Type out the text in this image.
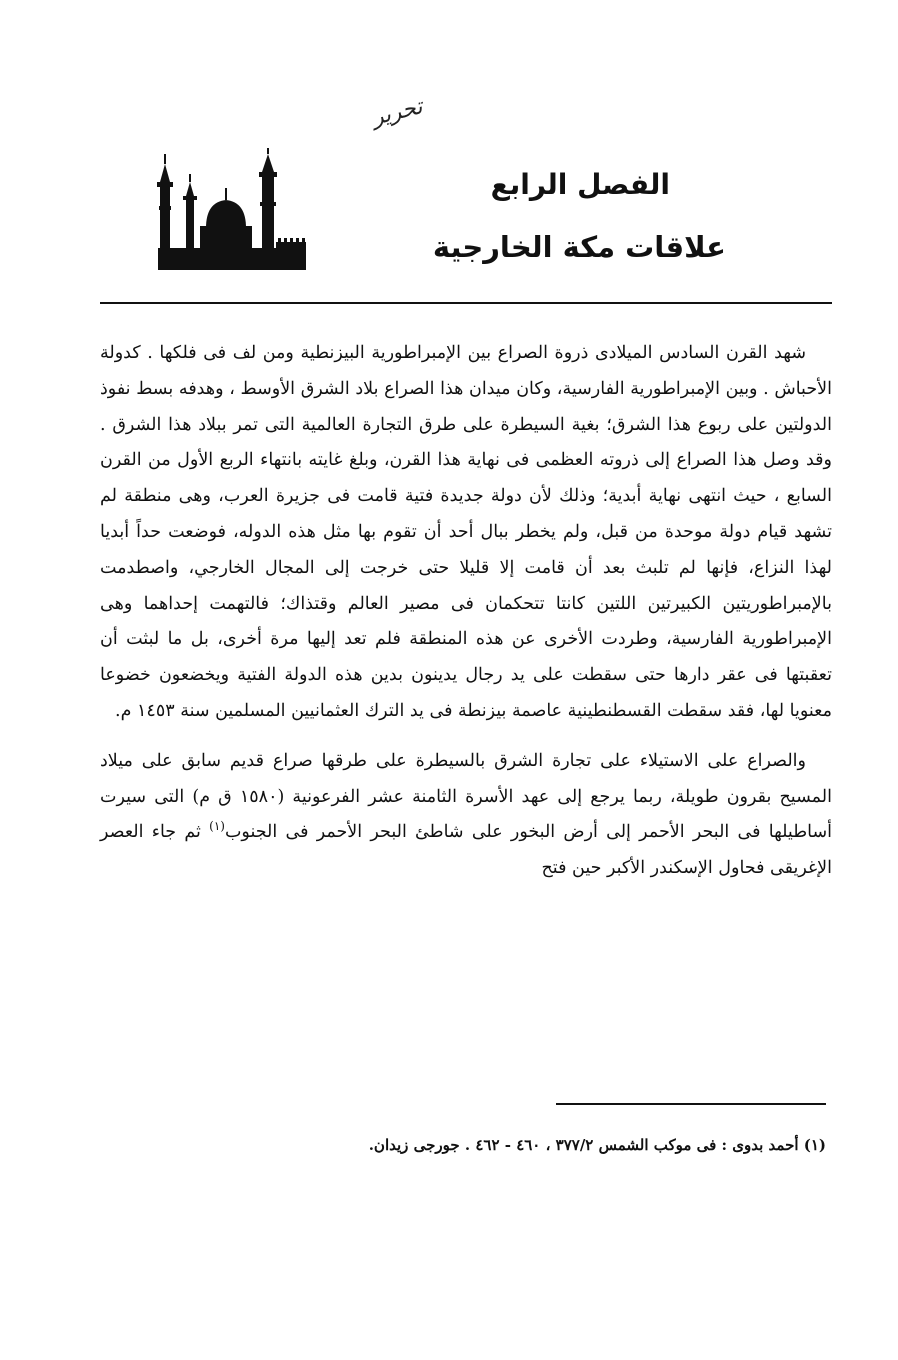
تحرير
الفصل الرابع
علاقات مكة الخارجية

شهد القرن السادس الميلادى ذروة الصراع بين الإمبراطورية البيزنطية ومن لف فى فلكها . كدولة الأحباش . وبين الإمبراطورية الفارسية، وكان ميدان هذا الصراع بلاد الشرق الأوسط ، وهدفه بسط نفوذ الدولتين على ربوع هذا الشرق؛ بغية السيطرة على طرق التجارة العالمية التى تمر ببلاد هذا الشرق . وقد وصل هذا الصراع إلى ذروته العظمى فى نهاية هذا القرن، وبلغ غايته بانتهاء الربع الأول من القرن السابع ، حيث انتهى نهاية أبدية؛ وذلك لأن دولة جديدة فتية قامت فى جزيرة العرب، وهى منطقة لم تشهد قيام دولة موحدة من قبل، ولم يخطر ببال أحد أن تقوم بها مثل هذه الدوله، فوضعت حداً أبديا لهذا النزاع، فإنها لم تلبث بعد أن قامت إلا قليلا حتى خرجت إلى المجال الخارجي، واصطدمت بالإمبراطوريتين الكبيرتين اللتين كانتا تتحكمان فى مصير العالم وقتذاك؛ فالتهمت إحداهما وهى الإمبراطورية الفارسية، وطردت الأخرى عن هذه المنطقة فلم تعد إليها مرة أخرى، بل ما لبثت أن تعقبتها فى عقر دارها حتى سقطت على يد رجال يدينون بدين هذه الدولة الفتية ويخضعون خضوعا معنويا لها، فقد سقطت القسطنطينية عاصمة بيزنطة فى يد الترك العثمانيين المسلمين سنة ١٤٥٣ م.

والصراع على الاستيلاء على تجارة الشرق بالسيطرة على طرقها صراع قديم سابق على ميلاد المسيح بقرون طويلة، ربما يرجع إلى عهد الأسرة الثامنة عشر الفرعونية (١٥٨٠ ق م) التى سيرت أساطيلها فى البحر الأحمر إلى أرض البخور على شاطئ البحر الأحمر فى الجنوب$^{(١)}$ ثم جاء العصر الإغريقى فحاول الإسكندر الأكبر حين فتح

(١) أحمد بدوى : فى موكب الشمس ٣٧٧/٢ ، ٤٦٠ - ٤٦٢ . جورجى زيدان.
